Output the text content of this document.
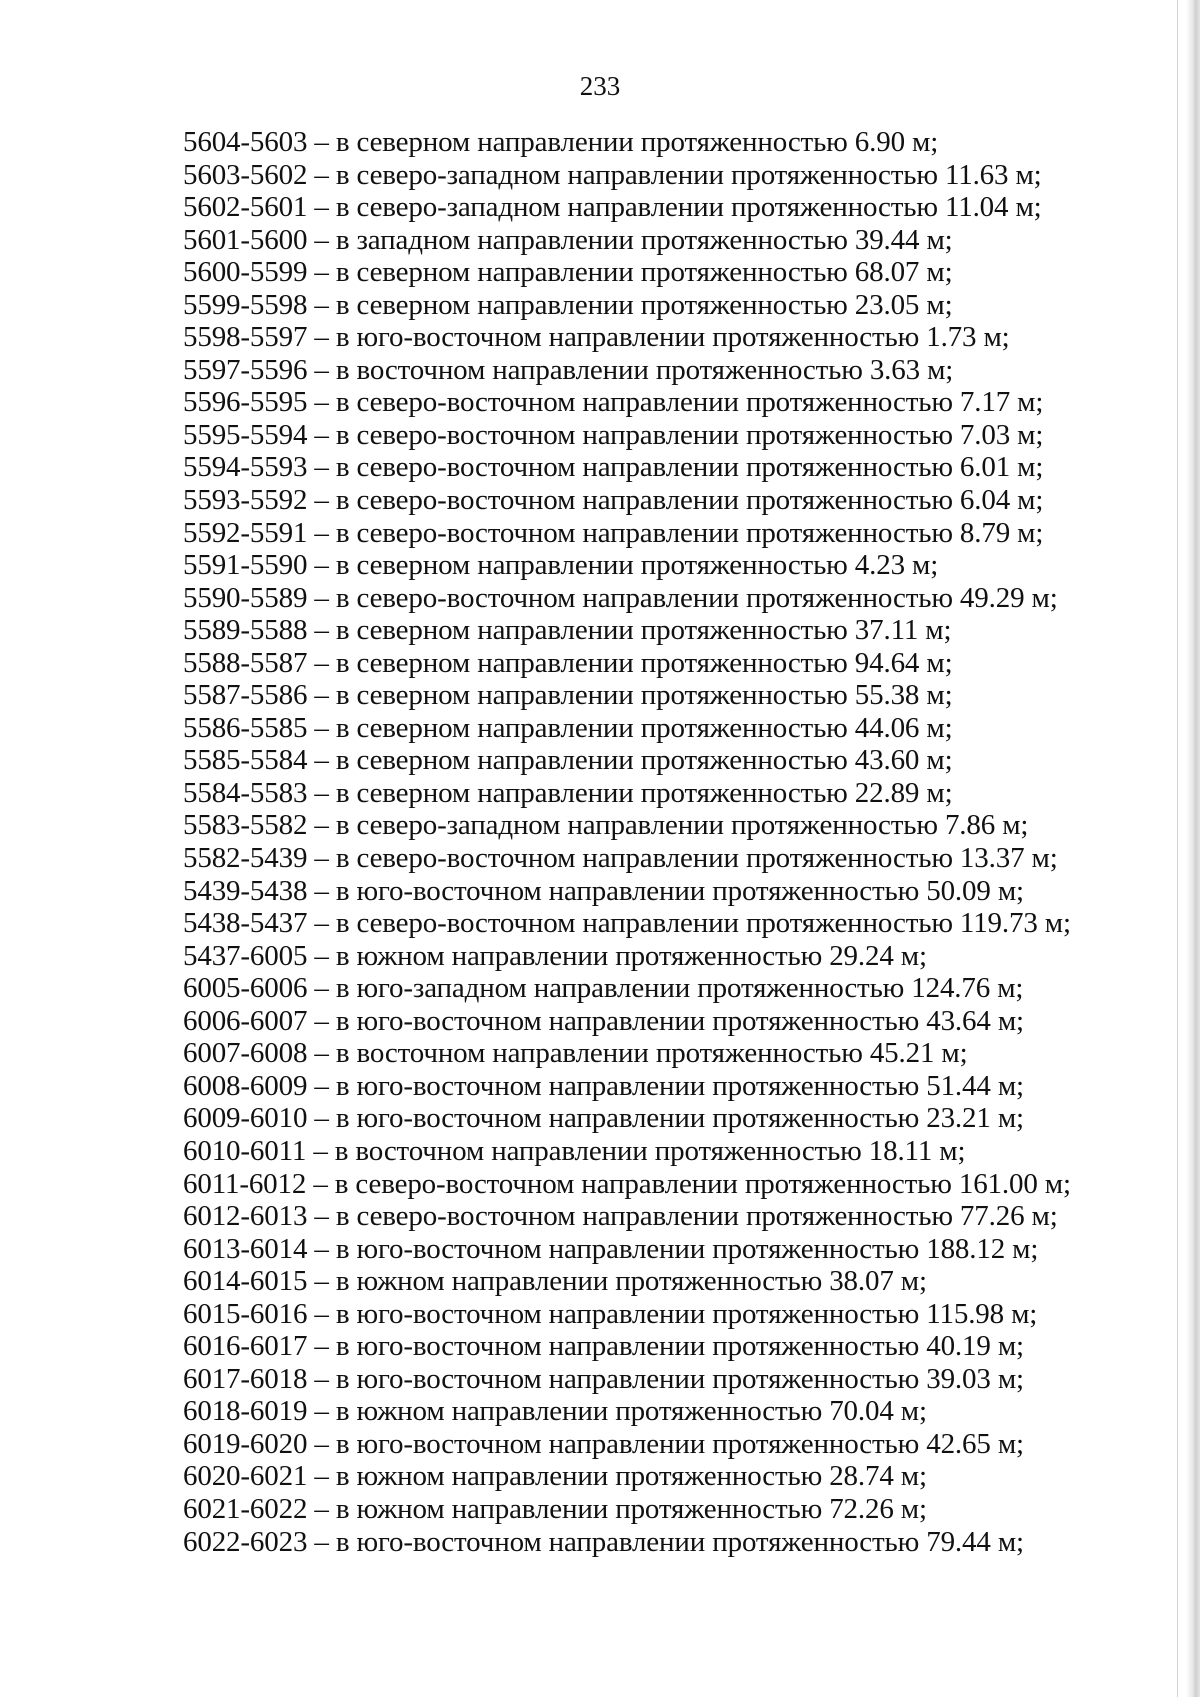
233
5604-5603 – в северном направлении протяженностью 6.90 м;
5603-5602 – в северо-западном направлении протяженностью 11.63 м;
5602-5601 – в северо-западном направлении протяженностью 11.04 м;
5601-5600 – в западном направлении протяженностью 39.44 м;
5600-5599 – в северном направлении протяженностью 68.07 м;
5599-5598 – в северном направлении протяженностью 23.05 м;
5598-5597 – в юго-восточном направлении протяженностью 1.73 м;
5597-5596 – в восточном направлении протяженностью 3.63 м;
5596-5595 – в северо-восточном направлении протяженностью 7.17 м;
5595-5594 – в северо-восточном направлении протяженностью 7.03 м;
5594-5593 – в северо-восточном направлении протяженностью 6.01 м;
5593-5592 – в северо-восточном направлении протяженностью 6.04 м;
5592-5591 – в северо-восточном направлении протяженностью 8.79 м;
5591-5590 – в северном направлении протяженностью 4.23 м;
5590-5589 – в северо-восточном направлении протяженностью 49.29 м;
5589-5588 – в северном направлении протяженностью 37.11 м;
5588-5587 – в северном направлении протяженностью 94.64 м;
5587-5586 – в северном направлении протяженностью 55.38 м;
5586-5585 – в северном направлении протяженностью 44.06 м;
5585-5584 – в северном направлении протяженностью 43.60 м;
5584-5583 – в северном направлении протяженностью 22.89 м;
5583-5582 – в северо-западном направлении протяженностью 7.86 м;
5582-5439 – в северо-восточном направлении протяженностью 13.37 м;
5439-5438 – в юго-восточном направлении протяженностью 50.09 м;
5438-5437 – в северо-восточном направлении протяженностью 119.73 м;
5437-6005 – в южном направлении протяженностью 29.24 м;
6005-6006 – в юго-западном направлении протяженностью 124.76 м;
6006-6007 – в юго-восточном направлении протяженностью 43.64 м;
6007-6008 – в восточном направлении протяженностью 45.21 м;
6008-6009 – в юго-восточном направлении протяженностью 51.44 м;
6009-6010 – в юго-восточном направлении протяженностью 23.21 м;
6010-6011 – в восточном направлении протяженностью 18.11 м;
6011-6012 – в северо-восточном направлении протяженностью 161.00 м;
6012-6013 – в северо-восточном направлении протяженностью 77.26 м;
6013-6014 – в юго-восточном направлении протяженностью 188.12 м;
6014-6015 – в южном направлении протяженностью 38.07 м;
6015-6016 – в юго-восточном направлении протяженностью 115.98 м;
6016-6017 – в юго-восточном направлении протяженностью 40.19 м;
6017-6018 – в юго-восточном направлении протяженностью 39.03 м;
6018-6019 – в южном направлении протяженностью 70.04 м;
6019-6020 – в юго-восточном направлении протяженностью 42.65 м;
6020-6021 – в южном направлении протяженностью 28.74 м;
6021-6022 – в южном направлении протяженностью 72.26 м;
6022-6023 – в юго-восточном направлении протяженностью 79.44 м;
